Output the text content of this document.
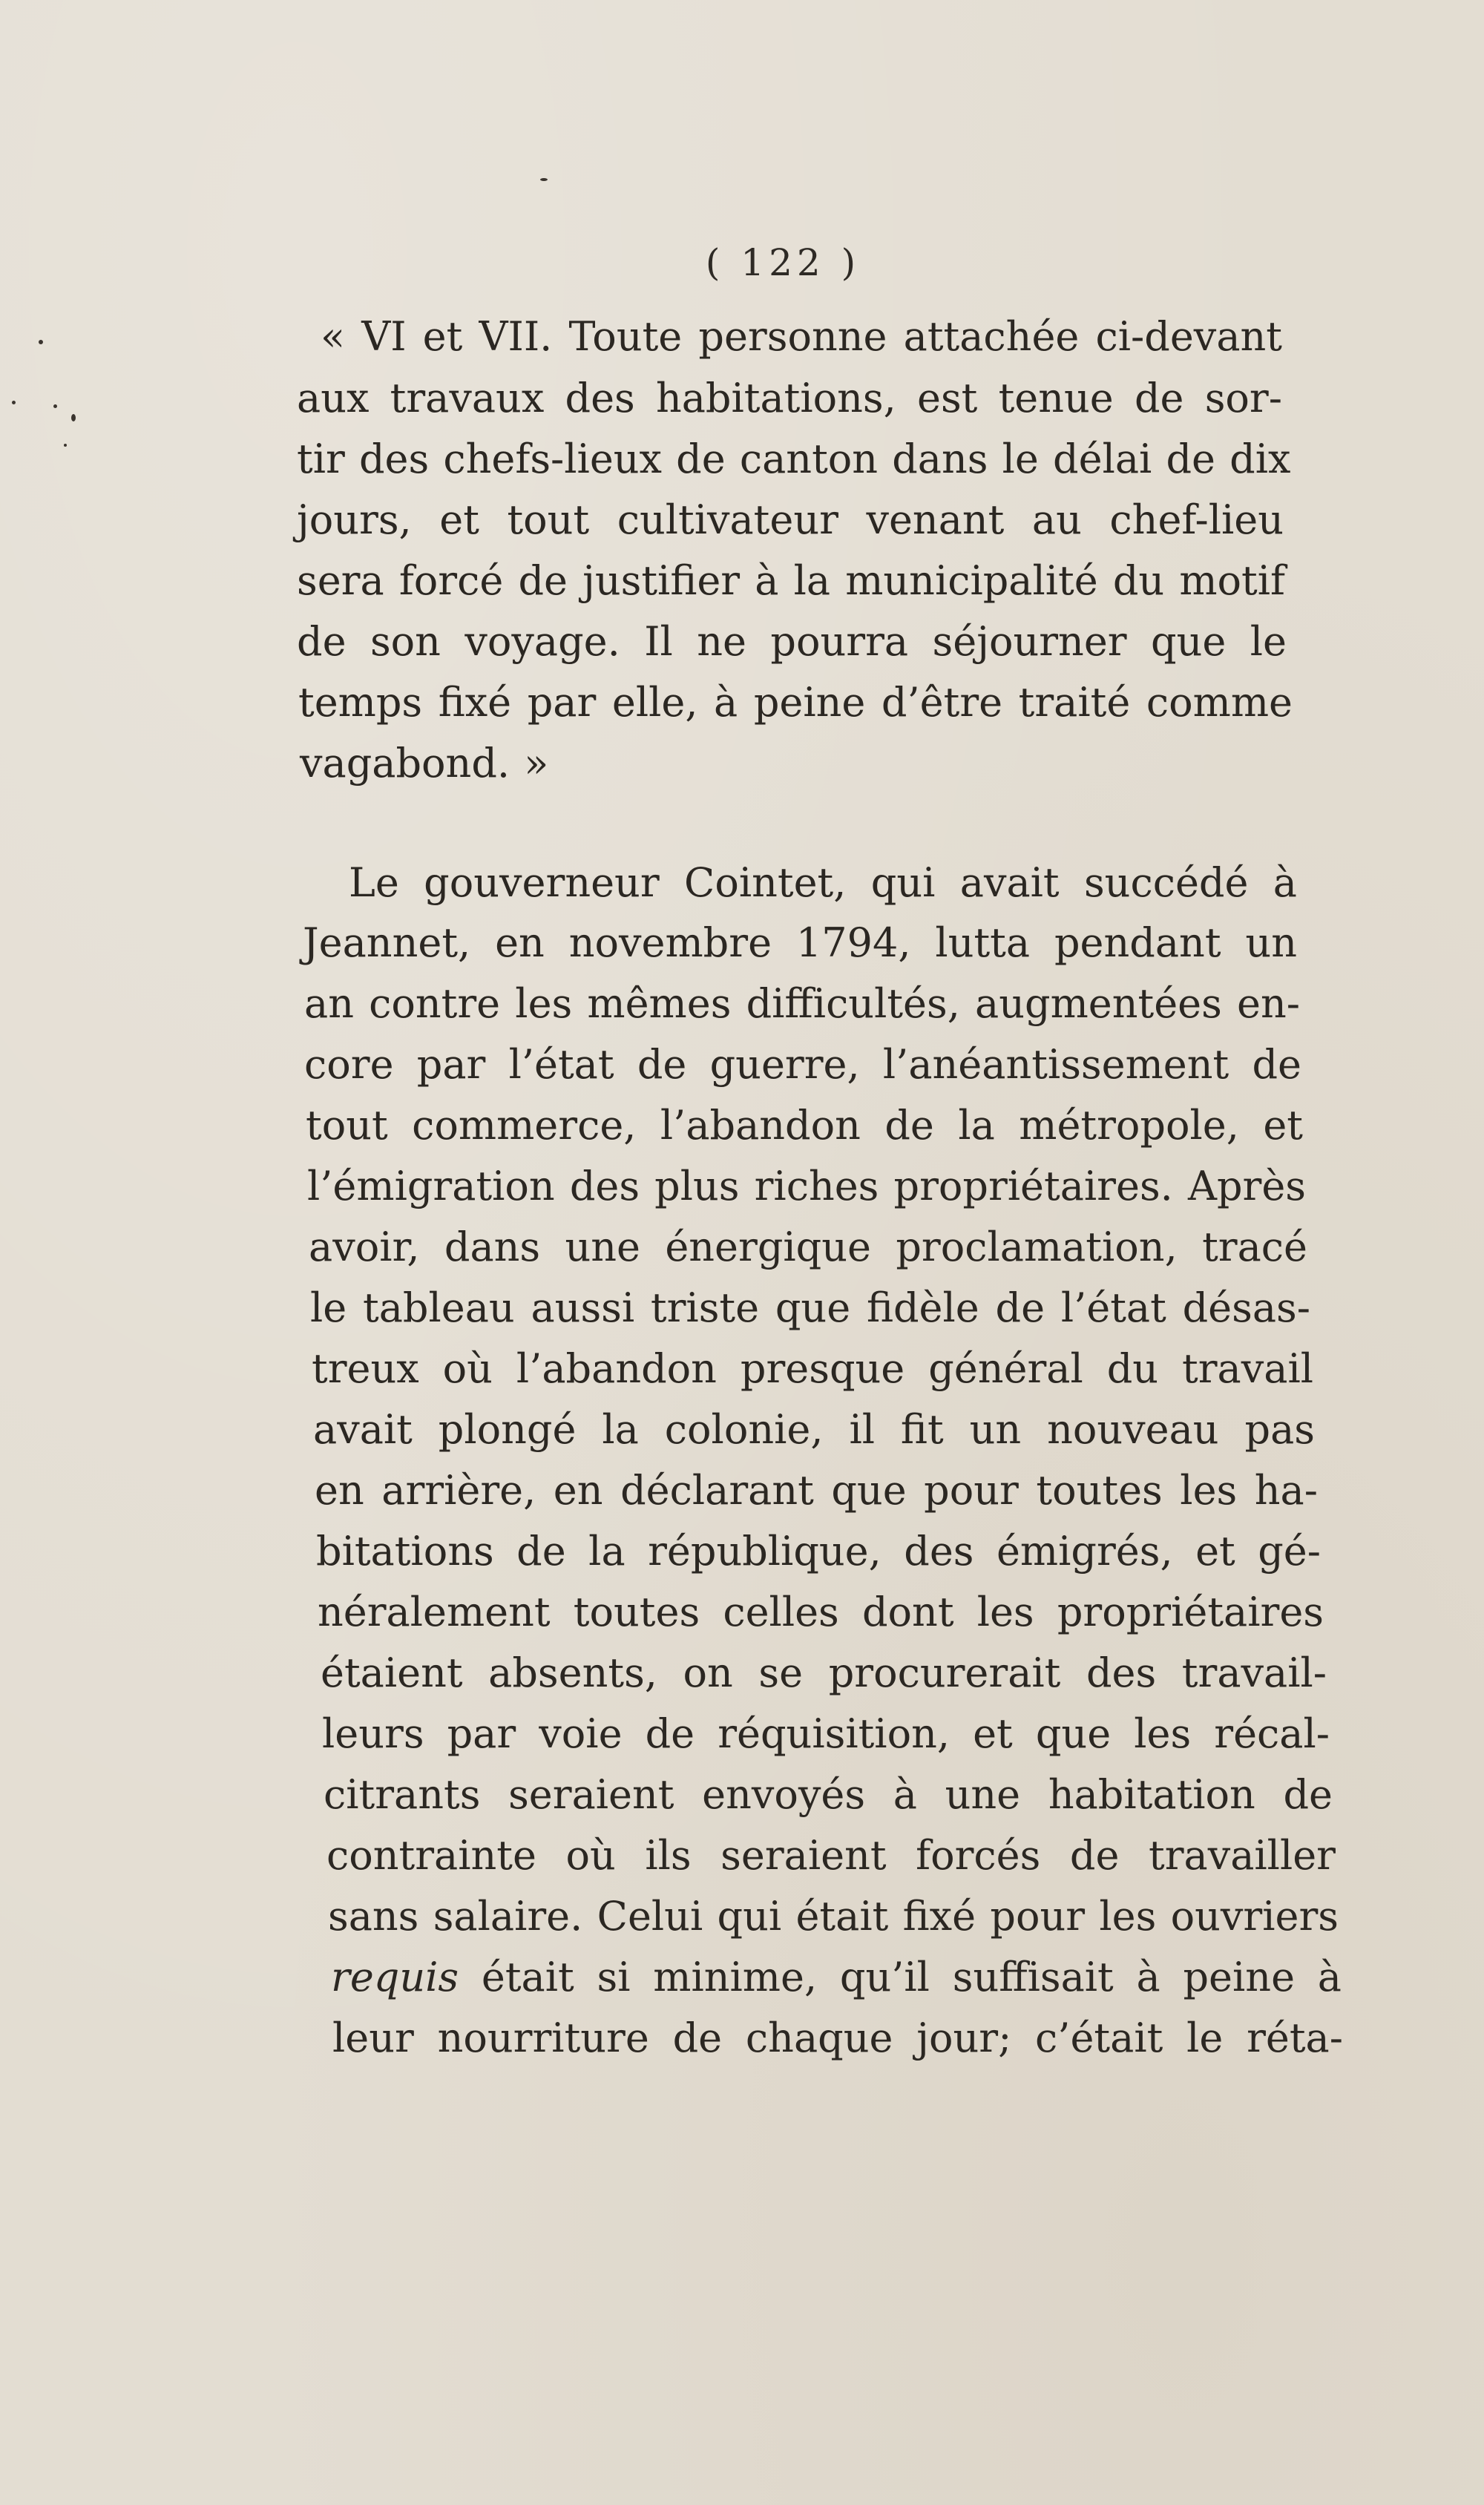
( 122 )
« VI et VII. Toute personne attachée ci-devant
aux travaux des habitations, est tenue de sor-
tir des chefs-lieux de canton dans le délai de dix
jours, et tout cultivateur venant au chef-lieu
sera forcé de justifier à la municipalité du motif
de son voyage. Il ne pourra séjourner que le
temps fixé par elle, à peine d’être traité comme
vagabond. »
Le gouverneur Cointet, qui avait succédé à
Jeannet, en novembre 1794, lutta pendant un
an contre les mêmes difficultés, augmentées en-
core par l’état de guerre, l’anéantissement de
tout commerce, l’abandon de la métropole, et
l’émigration des plus riches propriétaires. Après
avoir, dans une énergique proclamation, tracé
le tableau aussi triste que fidèle de l’état désas-
treux où l’abandon presque général du travail
avait plongé la colonie, il fit un nouveau pas
en arrière, en déclarant que pour toutes les ha-
bitations de la république, des émigrés, et gé-
néralement toutes celles dont les propriétaires
étaient absents, on se procurerait des travail-
leurs par voie de réquisition, et que les récal-
citrants seraient envoyés à une habitation de
contrainte où ils seraient forcés de travailler
sans salaire. Celui qui était fixé pour les ouvriers
requis était si minime, qu’il suffisait à peine à
leur nourriture de chaque jour; c’était le réta-
